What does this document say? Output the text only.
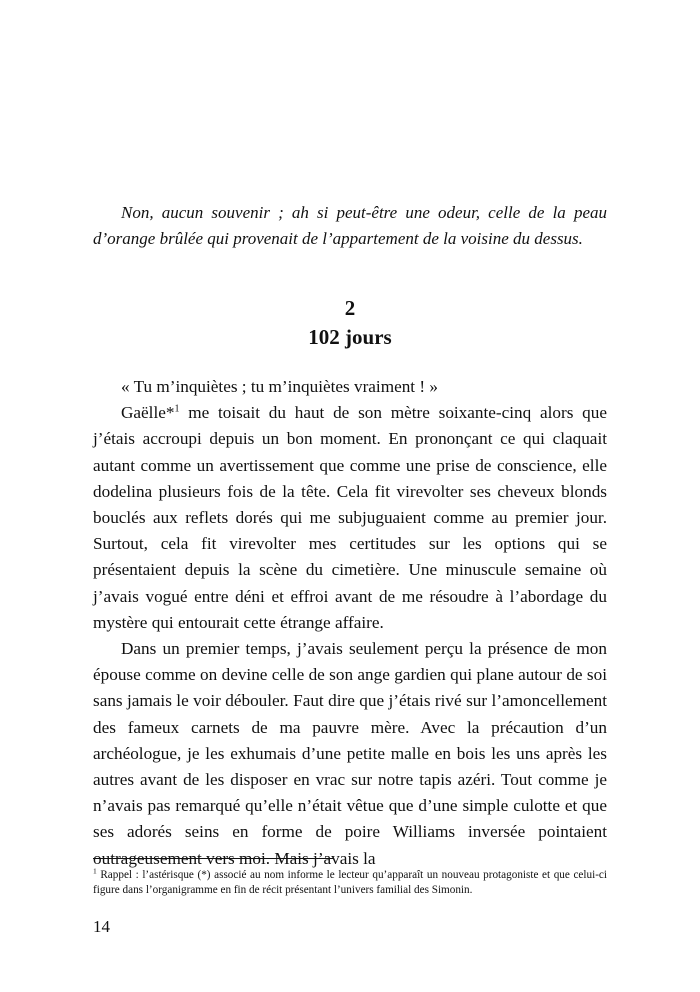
Non, aucun souvenir ; ah si peut-être une odeur, celle de la peau d’orange brûlée qui provenait de l’appartement de la voisine du dessus.

2
102 jours

« Tu m’inquiètes ; tu m’inquiètes vraiment ! »

Gaëlle*$^1$ me toisait du haut de son mètre soixante-cinq alors que j’étais accroupi depuis un bon moment. En prononçant ce qui claquait autant comme un avertissement que comme une prise de conscience, elle dodelina plusieurs fois de la tête. Cela fit virevolter ses cheveux blonds bouclés aux reflets dorés qui me subjuguaient comme au premier jour. Surtout, cela fit virevolter mes certitudes sur les options qui se présentaient depuis la scène du cimetière. Une minuscule semaine où j’avais vogué entre déni et effroi avant de me résoudre à l’abordage du mystère qui entourait cette étrange affaire.

Dans un premier temps, j’avais seulement perçu la présence de mon épouse comme on devine celle de son ange gardien qui plane autour de soi sans jamais le voir débouler. Faut dire que j’étais rivé sur l’amoncellement des fameux carnets de ma pauvre mère. Avec la précaution d’un archéologue, je les exhumais d’une petite malle en bois les uns après les autres avant de les disposer en vrac sur notre tapis azéri. Tout comme je n’avais pas remarqué qu’elle n’était vêtue que d’une simple culotte et que ses adorés seins en forme de poire Williams inversée pointaient outrageusement vers moi. Mais j’avais la

$^1$ Rappel : l’astérisque (*) associé au nom informe le lecteur qu’apparaît un nouveau protagoniste et que celui-ci figure dans l’organigramme en fin de récit présentant l’univers familial des Simonin.

14
